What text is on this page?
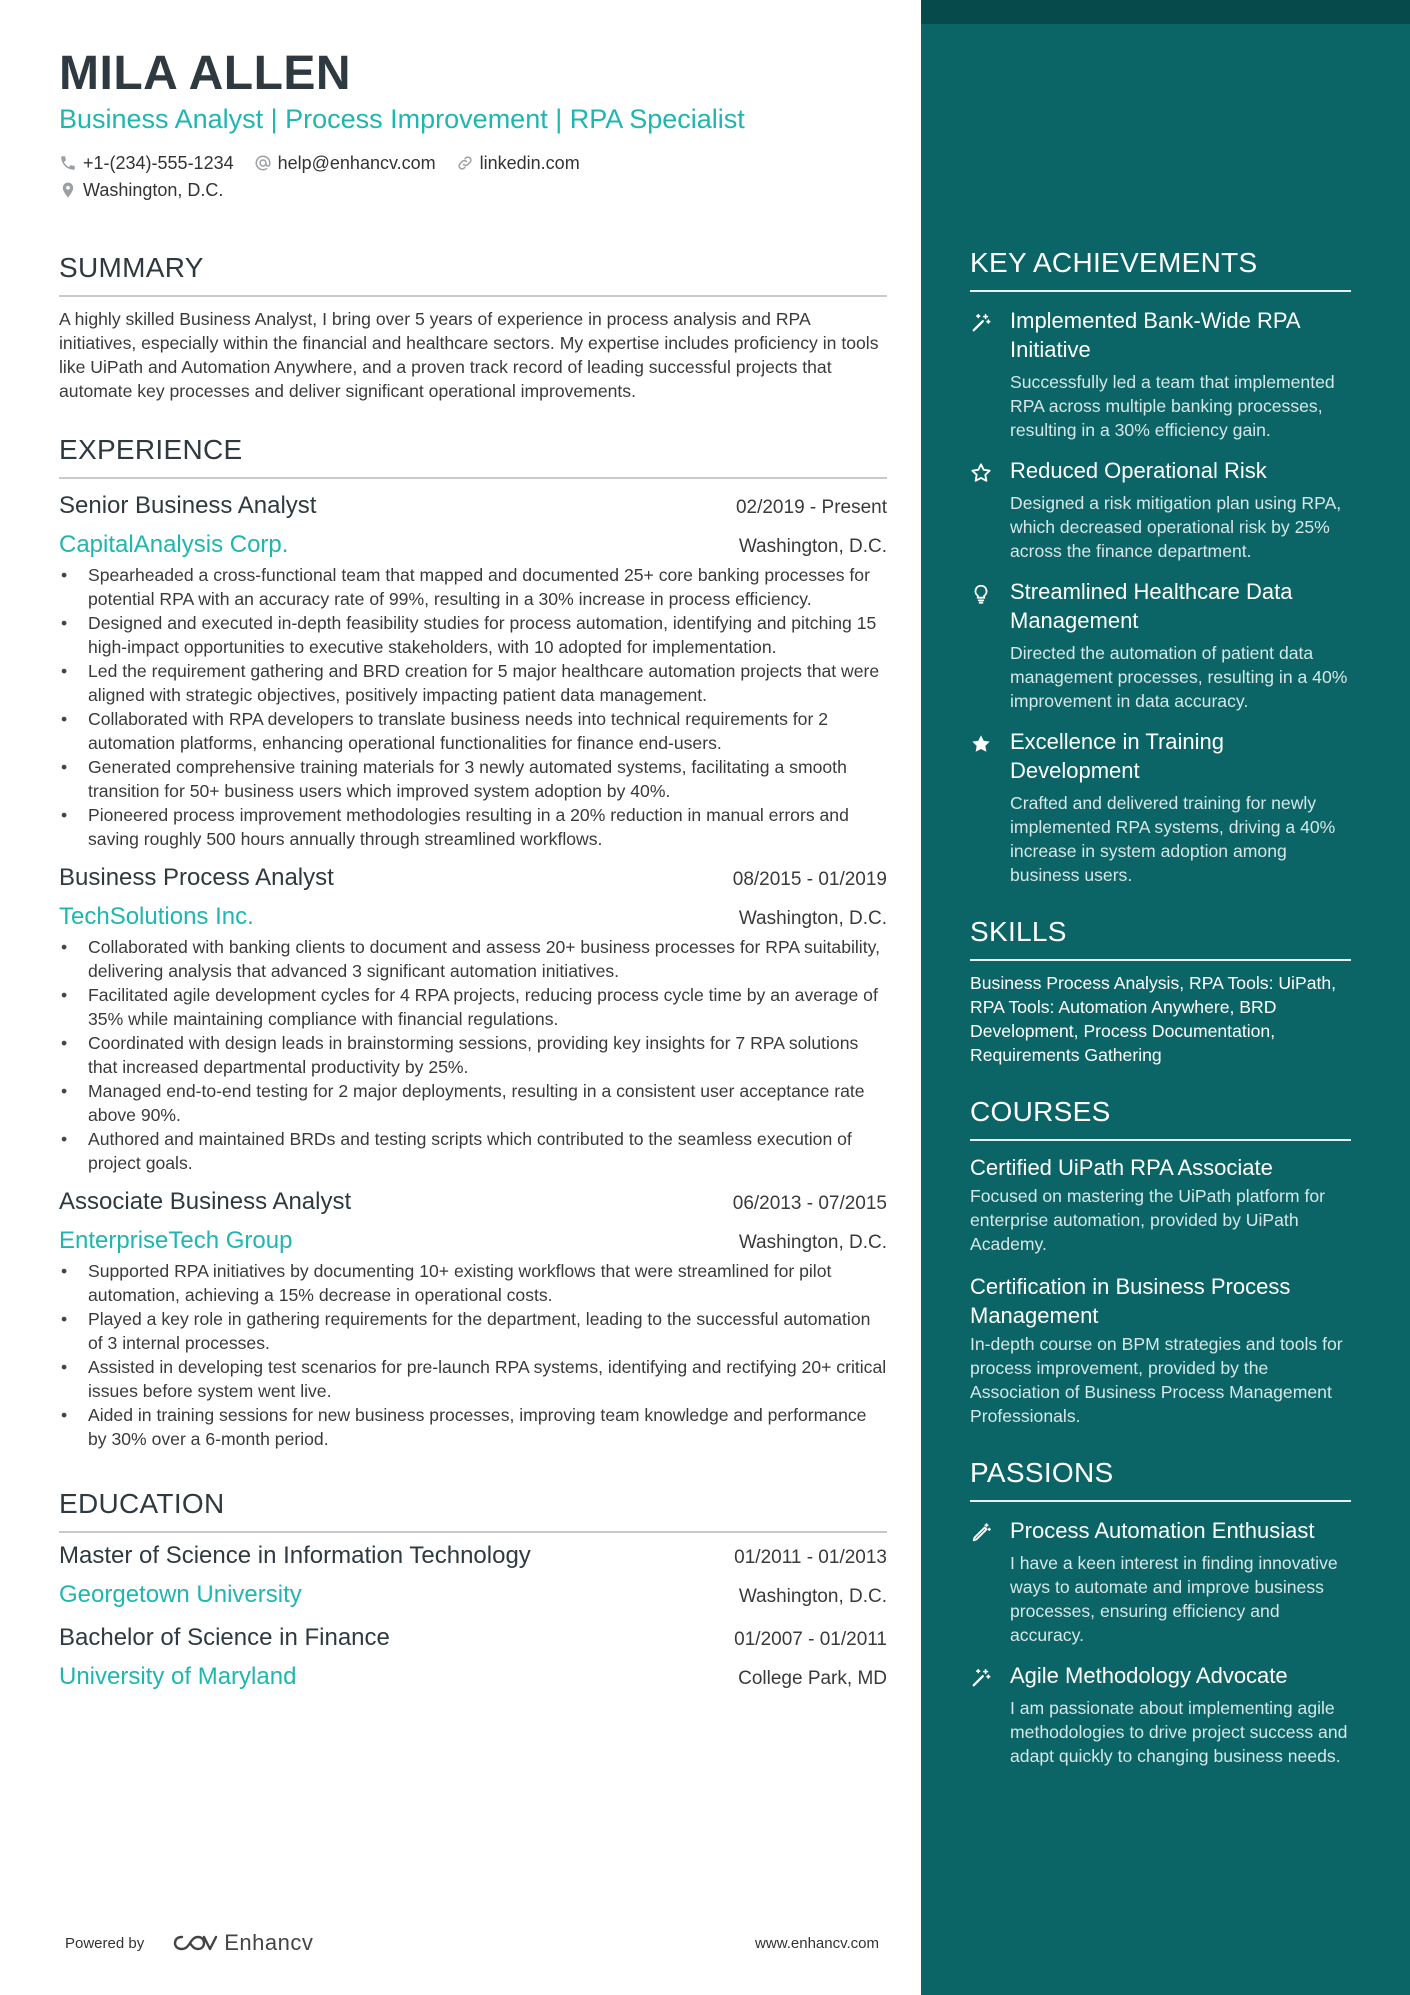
MILA ALLEN
Business Analyst | Process Improvement | RPA Specialist
+1-(234)-555-1234 help@enhancv.com linkedin.com
Washington, D.C.
SUMMARY
A highly skilled Business Analyst, I bring over 5 years of experience in process analysis and RPA initiatives, especially within the financial and healthcare sectors. My expertise includes proficiency in tools like UiPath and Automation Anywhere, and a proven track record of leading successful projects that automate key processes and deliver significant operational improvements.
EXPERIENCE
Senior Business Analyst	02/2019 - Present
CapitalAnalysis Corp.	Washington, D.C.
• Spearheaded a cross-functional team that mapped and documented 25+ core banking processes for potential RPA with an accuracy rate of 99%, resulting in a 30% increase in process efficiency.
• Designed and executed in-depth feasibility studies for process automation, identifying and pitching 15 high-impact opportunities to executive stakeholders, with 10 adopted for implementation.
• Led the requirement gathering and BRD creation for 5 major healthcare automation projects that were aligned with strategic objectives, positively impacting patient data management.
• Collaborated with RPA developers to translate business needs into technical requirements for 2 automation platforms, enhancing operational functionalities for finance end-users.
• Generated comprehensive training materials for 3 newly automated systems, facilitating a smooth transition for 50+ business users which improved system adoption by 40%.
• Pioneered process improvement methodologies resulting in a 20% reduction in manual errors and saving roughly 500 hours annually through streamlined workflows.
Business Process Analyst	08/2015 - 01/2019
TechSolutions Inc.	Washington, D.C.
• Collaborated with banking clients to document and assess 20+ business processes for RPA suitability, delivering analysis that advanced 3 significant automation initiatives.
• Facilitated agile development cycles for 4 RPA projects, reducing process cycle time by an average of 35% while maintaining compliance with financial regulations.
• Coordinated with design leads in brainstorming sessions, providing key insights for 7 RPA solutions that increased departmental productivity by 25%.
• Managed end-to-end testing for 2 major deployments, resulting in a consistent user acceptance rate above 90%.
• Authored and maintained BRDs and testing scripts which contributed to the seamless execution of project goals.
Associate Business Analyst	06/2013 - 07/2015
EnterpriseTech Group	Washington, D.C.
• Supported RPA initiatives by documenting 10+ existing workflows that were streamlined for pilot automation, achieving a 15% decrease in operational costs.
• Played a key role in gathering requirements for the department, leading to the successful automation of 3 internal processes.
• Assisted in developing test scenarios for pre-launch RPA systems, identifying and rectifying 20+ critical issues before system went live.
• Aided in training sessions for new business processes, improving team knowledge and performance by 30% over a 6-month period.
EDUCATION
Master of Science in Information Technology	01/2011 - 01/2013
Georgetown University	Washington, D.C.
Bachelor of Science in Finance	01/2007 - 01/2011
University of Maryland	College Park, MD
Powered by	Enhancv	www.enhancv.com
KEY ACHIEVEMENTS
Implemented Bank-Wide RPA Initiative
Successfully led a team that implemented RPA across multiple banking processes, resulting in a 30% efficiency gain.
Reduced Operational Risk
Designed a risk mitigation plan using RPA, which decreased operational risk by 25% across the finance department.
Streamlined Healthcare Data Management
Directed the automation of patient data management processes, resulting in a 40% improvement in data accuracy.
Excellence in Training Development
Crafted and delivered training for newly implemented RPA systems, driving a 40% increase in system adoption among business users.
SKILLS
Business Process Analysis, RPA Tools: UiPath, RPA Tools: Automation Anywhere, BRD Development, Process Documentation, Requirements Gathering
COURSES
Certified UiPath RPA Associate
Focused on mastering the UiPath platform for enterprise automation, provided by UiPath Academy.
Certification in Business Process Management
In-depth course on BPM strategies and tools for process improvement, provided by the Association of Business Process Management Professionals.
PASSIONS
Process Automation Enthusiast
I have a keen interest in finding innovative ways to automate and improve business processes, ensuring efficiency and accuracy.
Agile Methodology Advocate
I am passionate about implementing agile methodologies to drive project success and adapt quickly to changing business needs.
